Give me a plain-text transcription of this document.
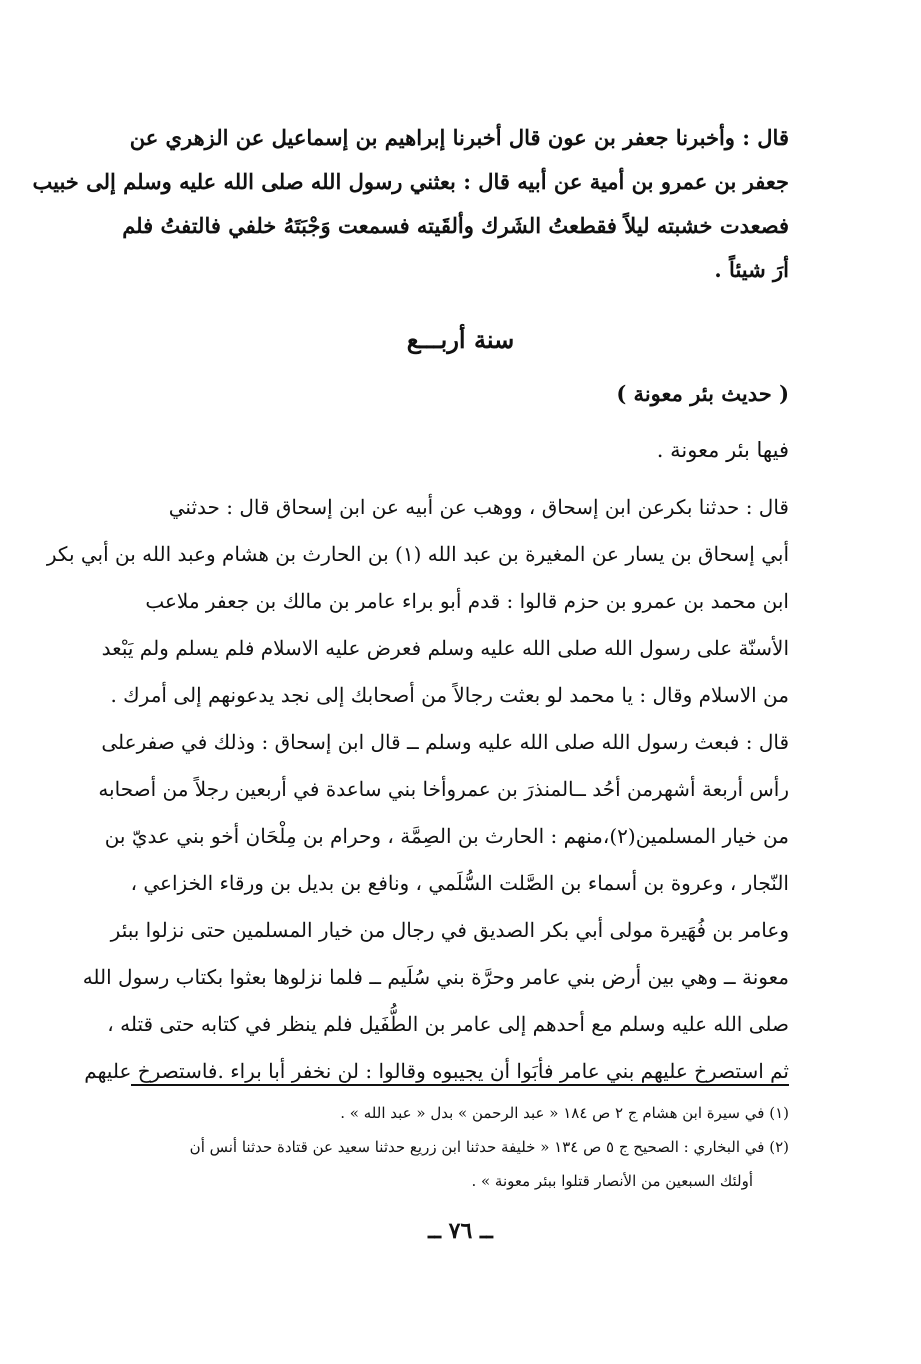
قال : وأخبرنا جعفر بن عون قال أخبرنا إبراهيم بن إسماعيل عن الزهري عن
جعفر بن عمرو بن أمية عن أبيه قال : بعثني رسول الله صلى الله عليه وسلم إلى خبيب
فصعدت خشبته ليلاً فقطعتُ الشَرك وألقَيته فسمعت وَجْبَتَهُ خلفي فالتفتُ فلم
أرَ شيئاً .
سنة أربـــع
( حديث بئر معونة )
فيها بئر معونة .
قال : حدثنا بكرعن ابن إسحاق ، ووهب عن أبيه عن ابن إسحاق قال : حدثني
أبي إسحاق بن يسار عن المغيرة بن عبد الله (١) بن الحارث بن هشام وعبد الله بن أبي بكر
ابن محمد بن عمرو بن حزم قالوا : قدم أبو براء عامر بن مالك بن جعفر ملاعب
الأسنّة على رسول الله صلى الله عليه وسلم فعرض عليه الاسلام فلم يسلم ولم يَبْعد
من الاسلام وقال : يا محمد لو بعثت رجالاً من أصحابك إلى نجد يدعونهم إلى أمرك .
قال : فبعث رسول الله صلى الله عليه وسلم ــ قال ابن إسحاق : وذلك في صفرعلى
رأس أربعة أشهرمن أحُد ــالمنذرَ بن عمروأخا بني ساعدة في أربعين رجلاً من أصحابه
من خيار المسلمين(٢)،منهم : الحارث بن الصِمَّة ، وحرام بن مِلْحَان أخو بني عديّ بن
النّجار ، وعروة بن أسماء بن الصَّلت السُّلَمي ، ونافع بن بديل بن ورقاء الخزاعي ،
وعامر بن فُهَيرة مولى أبي بكر الصديق في رجال من خيار المسلمين حتى نزلوا ببئر
معونة ــ وهي بين أرض بني عامر وحرَّة بني سُلَيم ــ فلما نزلوها بعثوا بكتاب رسول الله
صلى الله عليه وسلم مع أحدهم إلى عامر بن الطُّفَيل فلم ينظر في كتابه حتى قتله ،
ثم استصرخ عليهم بني عامر فأبَوا أن يجيبوه وقالوا : لن نخفر أبا براء .فاستصرخ عليهم
(١) في سيرة ابن هشام ج ٢ ص ١٨٤ « عبد الرحمن » بدل « عبد الله » .
(٢) في البخاري : الصحيح ج ٥ ص ١٣٤ « خليفة حدثنا ابن زريع حدثنا سعيد عن قتادة حدثنا أنس أن
أولئك السبعين من الأنصار قتلوا ببئر معونة » .
ــ ٧٦ ــ
